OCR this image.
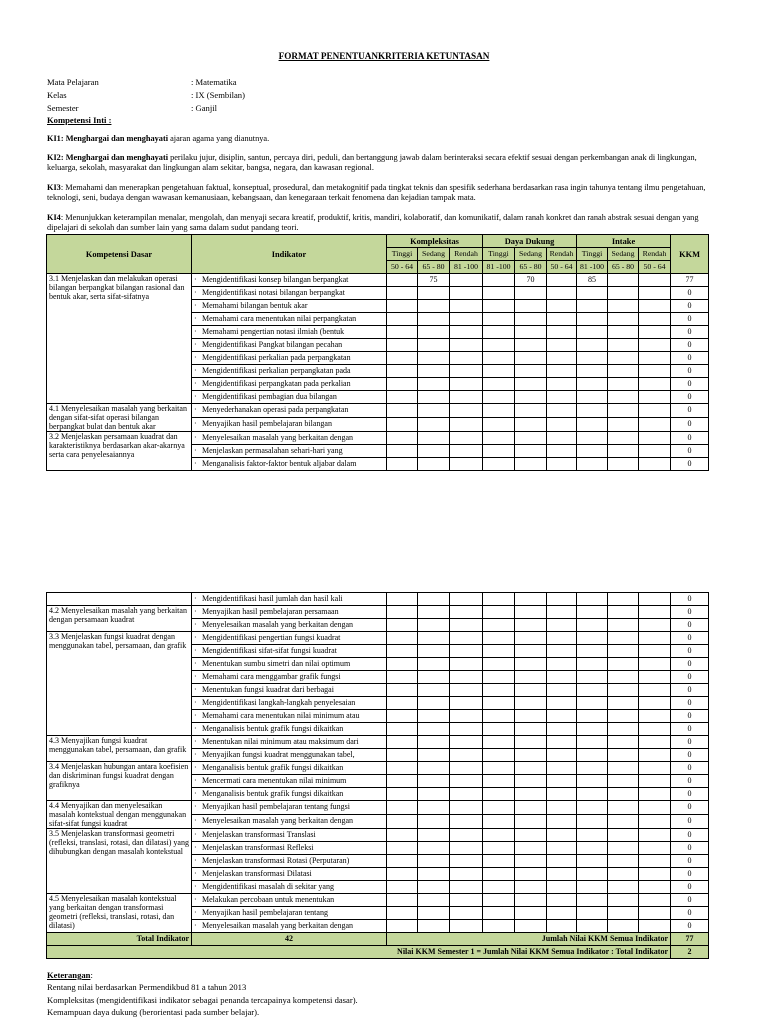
FORMAT PENENTUANKRITERIA KETUNTASAN
Mata Pelajaran	: Matematika
Kelas	: IX (Sembilan)
Semester	: Ganjil
Kompetensi Inti :
KI1: Menghargai dan menghayati ajaran agama yang dianutnya.
KI2: Menghargai dan menghayati perilaku jujur, disiplin, santun, percaya diri, peduli, dan bertanggung jawab dalam berinteraksi secara efektif sesuai dengan perkembangan anak di lingkungan, keluarga, sekolah, masyarakat dan lingkungan alam sekitar, bangsa, negara, dan kawasan regional.
KI3: Memahami dan menerapkan pengetahuan faktual, konseptual, prosedural, dan metakognitif pada tingkat teknis dan spesifik sederhana berdasarkan rasa ingin tahunya tentang ilmu pengetahuan, teknologi, seni, budaya dengan wawasan kemanusiaan, kebangsaan, dan kenegaraan terkait fenomena dan kejadian tampak mata.
KI4: Menunjukkan keterampilan menalar, mengolah, dan menyaji secara kreatif, produktif, kritis, mandiri, kolaboratif, dan komunikatif, dalam ranah konkret dan ranah abstrak sesuai dengan yang dipelajari di sekolah dan sumber lain yang sama dalam sudut pandang teori.
Kompetensi Dasar	Indikator	Kompleksitas			Daya Dukung			Intake			KKM
		Tinggi	Sedang	Rendah	Tinggi	Sedang	Rendah	Tinggi	Sedang	Rendah	
		50 - 64	65 - 80	81 -100	81 -100	65 - 80	50 - 64	81 -100	65 - 80	50 - 64	
3.1 Menjelaskan dan melakukan operasi bilangan berpangkat bilangan rasional dan bentuk akar, serta sifat-sifatnya	· Mengidentifikasi konsep bilangan berpangkat		75			70		85			77
	· Mengidentifikasi notasi bilangan berpangkat										0
	· Memahami bilangan bentuk akar										0
	· Memahami cara menentukan nilai perpangkatan										0
	· Memahami pengertian notasi ilmiah (bentuk										0
	· Mengidentifikasi Pangkat bilangan pecahan										0
	· Mengidentifikasi perkalian pada perpangkatan										0
	· Mengidentifikasi perkalian perpangkatan pada										0
	· Mengidentifikasi perpangkatan pada perkalian										0
	· Mengidentifikasi pembagian dua bilangan										0
4.1 Menyelesaikan masalah yang berkaitan dengan sifat-sifat operasi bilangan berpangkat bulat dan bentuk akar	· Menyederhanakan operasi pada perpangkatan										0
	· Menyajikan hasil pembelajaran bilangan										0
3.2 Menjelaskan persamaan kuadrat dan karakteristiknya berdasarkan akar-akarnya serta cara penyelesaiannya	· Menyelesaikan masalah yang berkaitan dengan										0
	· Menjelaskan permasalahan sehari-hari yang										0
	· Menganalisis faktor-faktor bentuk aljabar dalam										0
	· Mengidentifikasi hasil jumlah dan hasil kali										0
4.2 Menyelesaikan masalah yang berkaitan dengan persamaan kuadrat	· Menyajikan hasil pembelajaran persamaan										0
	· Menyelesaikan masalah yang berkaitan dengan										0
3.3 Menjelaskan fungsi kuadrat dengan menggunakan tabel, persamaan, dan grafik	· Mengidentifikasi pengertian fungsi kuadrat										0
	· Mengidentifikasi sifat-sifat fungsi kuadrat										0
	· Menentukan sumbu simetri dan nilai optimum										0
	· Memahami cara menggambar grafik fungsi										0
	· Menentukan fungsi kuadrat dari berbagai										0
	· Mengidentifikasi langkah-langkah penyelesaian										0
	· Memahami cara menentukan nilai minimum atau										0
	· Menganalisis bentuk grafik fungsi dikaitkan										0
4.3 Menyajikan fungsi kuadrat menggunakan tabel, persamaan, dan grafik	· Menentukan nilai minimum atau maksimum dari										0
	· Menyajikan fungsi kuadrat menggunakan tabel,										0
3.4 Menjelaskan hubungan antara koefisien dan diskriminan fungsi kuadrat dengan grafiknya	· Menganalisis bentuk grafik fungsi dikaitkan										0
	· Mencermati cara menentukan nilai minimum										0
	· Menganalisis bentuk grafik fungsi dikaitkan										0
4.4 Menyajikan dan menyelesaikan masalah kontekstual dengan menggunakan sifat-sifat fungsi kuadrat	· Menyajikan hasil pembelajaran tentang fungsi										0
	· Menyelesaikan masalah yang berkaitan dengan										0
3.5 Menjelaskan transformasi geometri (refleksi, translasi, rotasi, dan dilatasi) yang dihubungkan dengan masalah kontekstual	· Menjelaskan transformasi Translasi										0
	· Menjelaskan transformasi Refleksi										0
	· Menjelaskan transformasi Rotasi (Perputaran)										0
	· Menjelaskan transformasi Dilatasi										0
	· Mengidentifikasi masalah di sekitar yang										0
4.5 Menyelesaikan masalah kontekstual yang berkaitan dengan transformasi geometri (refleksi, translasi, rotasi, dan dilatasi)	· Melakukan percobaan untuk menentukan										0
	· Menyajikan hasil pembelajaran tentang										0
	· Menyelesaikan masalah yang berkaitan dengan										0
Total Indikator	42	Jumlah Nilai KKM Semua Indikator									77
Nilai KKM Semester 1 = Jumlah Nilai KKM Semua Indikator : Total Indikator											2
Keterangan:
Rentang nilai berdasarkan Permendikbud 81 a tahun 2013
Kompleksitas (mengidentifikasi indikator sebagai penanda tercapainya kompetensi dasar).
Kemampuan daya dukung (berorientasi pada sumber belajar).
